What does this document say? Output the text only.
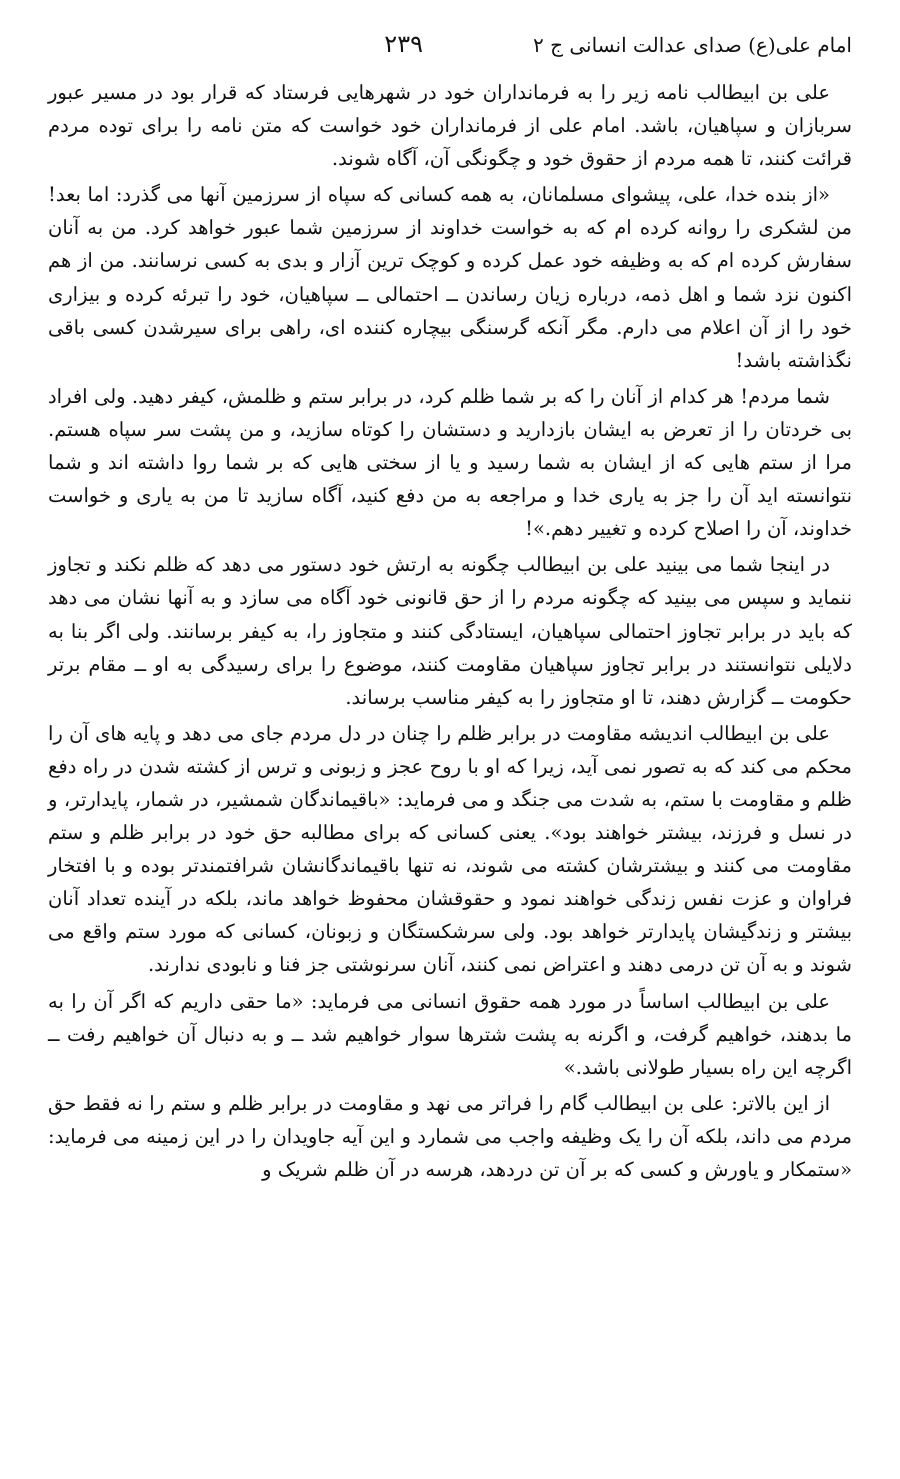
امام علی(ع) صدای عدالت انسانی ج ۲
۲۳۹

علی بن ابیطالب نامه زیر را به فرمانداران خود در شهرهایی فرستاد که قرار بود در مسیر عبور سربازان و سپاهیان، باشد. امام علی از فرمانداران خود خواست که متن نامه را برای توده مردم قرائت کنند، تا همه مردم از حقوق خود و چگونگی آن، آگاه شوند.

«از بنده خدا، علی، پیشوای مسلمانان، به همه کسانی که سپاه از سرزمین آنها می گذرد: اما بعد! من لشکری را روانه کرده ام که به خواست خداوند از سرزمین شما عبور خواهد کرد. من به آنان سفارش کرده ام که به وظیفه خود عمل کرده و کوچک ترین آزار و بدی به کسی نرسانند. من از هم اکنون نزد شما و اهل ذمه، درباره زیان رساندن ــ احتمالی ــ سپاهیان، خود را تبرئه کرده و بیزاری خود را از آن اعلام می دارم. مگر آنکه گرسنگی بیچاره کننده ای، راهی برای سیرشدن کسی باقی نگذاشته باشد!

شما مردم! هر کدام از آنان را که بر شما ظلم کرد، در برابر ستم و ظلمش، کیفر دهید. ولی افراد بی خردتان را از تعرض به ایشان بازدارید و دستشان را کوتاه سازید، و من پشت سر سپاه هستم. مرا از ستم هایی که از ایشان به شما رسید و یا از سختی هایی که بر شما روا داشته اند و شما نتوانسته اید آن را جز به یاری خدا و مراجعه به من دفع کنید، آگاه سازید تا من به یاری و خواست خداوند، آن را اصلاح کرده و تغییر دهم.»!

در اینجا شما می بینید علی بن ابیطالب چگونه به ارتش خود دستور می دهد که ظلم نکند و تجاوز ننماید و سپس می بینید که چگونه مردم را از حق قانونی خود آگاه می سازد و به آنها نشان می دهد که باید در برابر تجاوز احتمالی سپاهیان، ایستادگی کنند و متجاوز را، به کیفر برسانند. ولی اگر بنا به دلایلی نتوانستند در برابر تجاوز سپاهیان مقاومت کنند، موضوع را برای رسیدگی به او ــ مقام برتر حکومت ــ گزارش دهند، تا او متجاوز را به کیفر مناسب برساند.

علی بن ابیطالب اندیشه مقاومت در برابر ظلم را چنان در دل مردم جای می دهد و پایه های آن را محکم می کند که به تصور نمی آید، زیرا که او با روح عجز و زبونی و ترس از کشته شدن در راه دفع ظلم و مقاومت با ستم، به شدت می جنگد و می فرماید: «باقیماندگان شمشیر، در شمار، پایدارتر، و در نسل و فرزند، بیشتر خواهند بود». یعنی کسانی که برای مطالبه حق خود در برابر ظلم و ستم مقاومت می کنند و بیشترشان کشته می شوند، نه تنها باقیماندگانشان شرافتمندتر بوده و با افتخار فراوان و عزت نفس زندگی خواهند نمود و حقوقشان محفوظ خواهد ماند، بلکه در آینده تعداد آنان بیشتر و زندگیشان پایدارتر خواهد بود. ولی سرشکستگان و زبونان، کسانی که مورد ستم واقع می شوند و به آن تن درمی دهند و اعتراض نمی کنند، آنان سرنوشتی جز فنا و نابودی ندارند.

علی بن ابیطالب اساساً در مورد همه حقوق انسانی می فرماید: «ما حقی داریم که اگر آن را به ما بدهند، خواهیم گرفت، و اگرنه به پشت شترها سوار خواهیم شد ــ و به دنبال آن خواهیم رفت ــ اگرچه این راه بسیار طولانی باشد.»

از این بالاتر: علی بن ابیطالب گام را فراتر می نهد و مقاومت در برابر ظلم و ستم را نه فقط حق مردم می داند، بلکه آن را یک وظیفه واجب می شمارد و این آیه جاویدان را در این زمینه می فرماید: «ستمکار و یاورش و کسی که بر آن تن دردهد، هرسه در آن ظلم شریک و
